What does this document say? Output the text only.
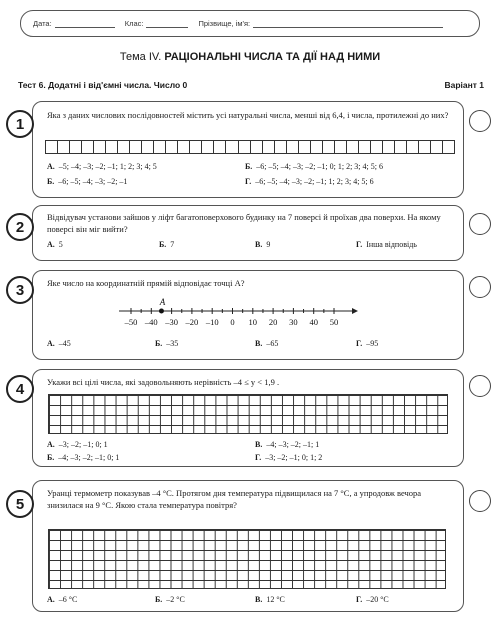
Дата:	Клас:	Прізвище, ім'я:
Тема IV. РАЦІОНАЛЬНІ ЧИСЛА ТА ДІЇ НАД НИМИ
Тест 6. Додатні і від'ємні числа. Число 0	Варіант 1
Яка з даних числових послідовностей містить усі натуральні числа, менші від 6,4, і числа, протилежні до них?
А. –5; –4; –3; –2; –1; 1; 2; 3; 4; 5	Б. –6; –5; –4; –3; –2; –1; 0; 1; 2; 3; 4; 5; 6
Б. –6; –5; –4; –3; –2; –1	Г. –6; –5; –4; –3; –2; –1; 1; 2; 3; 4; 5; 6
1
Відвідувач установи зайшов у ліфт багатоповерхового будинку на 7 поверсі й проїхав два поверхи. На якому поверсі він міг вийти?
А. 5	Б. 7	В. 9	Г. Інша відповідь
2
Яке число на координатній прямій відповідає точці A?
–50 –40 –30 –20 –10 0 10 20 30 40 50
A
А. –45	Б. –35	В. –65	Г. –95
3
Укажи всі цілі числа, які задовольняють нерівність –4 ≤ y < 1,9 .
А. –3; –2; –1; 0; 1	В. –4; –3; –2; –1; 1
Б. –4; –3; –2; –1; 0; 1	Г. –3; –2; –1; 0; 1; 2
4
Уранці термометр показував –4 °C. Протягом дня температура підвищилася на 7 °C, а упродовж вечора знизилася на 9 °C. Якою стала температура повітря?
А. –6 °C	Б. –2 °C	В. 12 °C	Г. –20 °C
5
